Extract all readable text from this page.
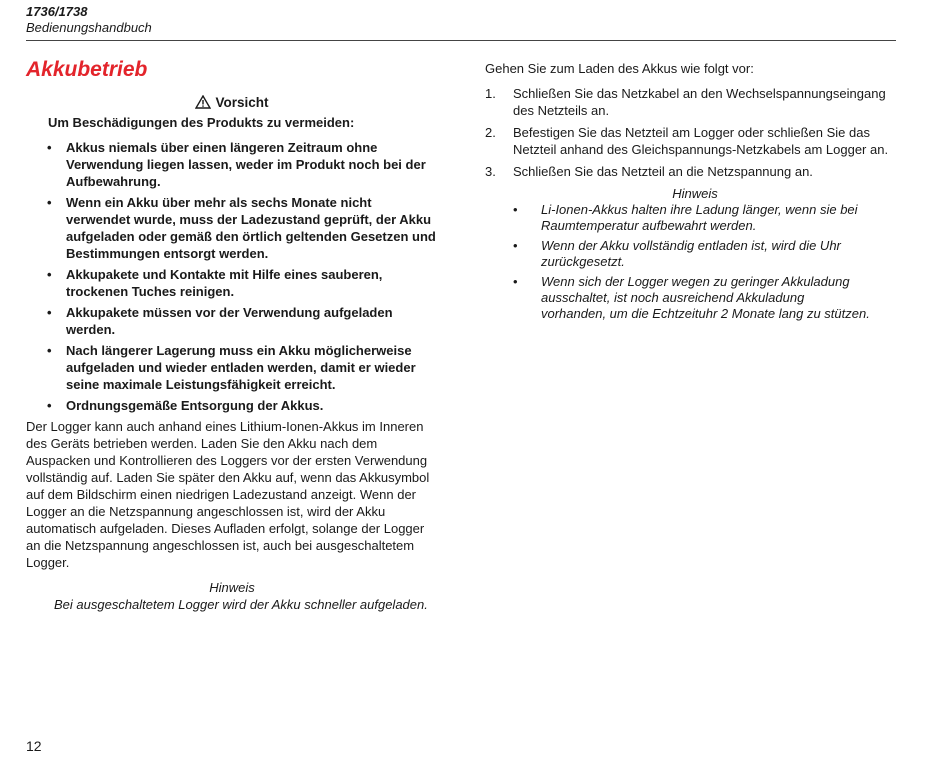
1736/1738
Bedienungshandbuch
Akkubetrieb
Vorsicht
Um Beschädigungen des Produkts zu vermeiden:
• Akkus niemals über einen längeren Zeitraum ohne Verwendung liegen lassen, weder im Produkt noch bei der Aufbewahrung.
• Wenn ein Akku über mehr als sechs Monate nicht verwendet wurde, muss der Ladezustand geprüft, der Akku aufgeladen oder gemäß den örtlich geltenden Gesetzen und Bestimmungen entsorgt werden.
• Akkupakete und Kontakte mit Hilfe eines sauberen, trockenen Tuches reinigen.
• Akkupakete müssen vor der Verwendung aufgeladen werden.
• Nach längerer Lagerung muss ein Akku möglicherweise aufgeladen und wieder entladen werden, damit er wieder seine maximale Leistungsfähigkeit erreicht.
• Ordnungsgemäße Entsorgung der Akkus.
Der Logger kann auch anhand eines Lithium-Ionen-Akkus im Inneren des Geräts betrieben werden. Laden Sie den Akku nach dem Auspacken und Kontrollieren des Loggers vor der ersten Verwendung vollständig auf. Laden Sie später den Akku auf, wenn das Akkusymbol auf dem Bildschirm einen niedrigen Ladezustand anzeigt. Wenn der Logger an die Netzspannung angeschlossen ist, wird der Akku automatisch aufgeladen. Dieses Aufladen erfolgt, solange der Logger an die Netzspannung angeschlossen ist, auch bei ausgeschaltetem Logger.
Hinweis
Bei ausgeschaltetem Logger wird der Akku schneller aufgeladen.
Gehen Sie zum Laden des Akkus wie folgt vor:
1. Schließen Sie das Netzkabel an den Wechselspannungseingang des Netzteils an.
2. Befestigen Sie das Netzteil am Logger oder schließen Sie das Netzteil anhand des Gleichspannungs-Netzkabels am Logger an.
3. Schließen Sie das Netzteil an die Netzspannung an.
Hinweis
• Li-Ionen-Akkus halten ihre Ladung länger, wenn sie bei Raumtemperatur aufbewahrt werden.
• Wenn der Akku vollständig entladen ist, wird die Uhr zurückgesetzt.
• Wenn sich der Logger wegen zu geringer Akkuladung ausschaltet, ist noch ausreichend Akkuladung vorhanden, um die Echtzeituhr 2 Monate lang zu stützen.
12
